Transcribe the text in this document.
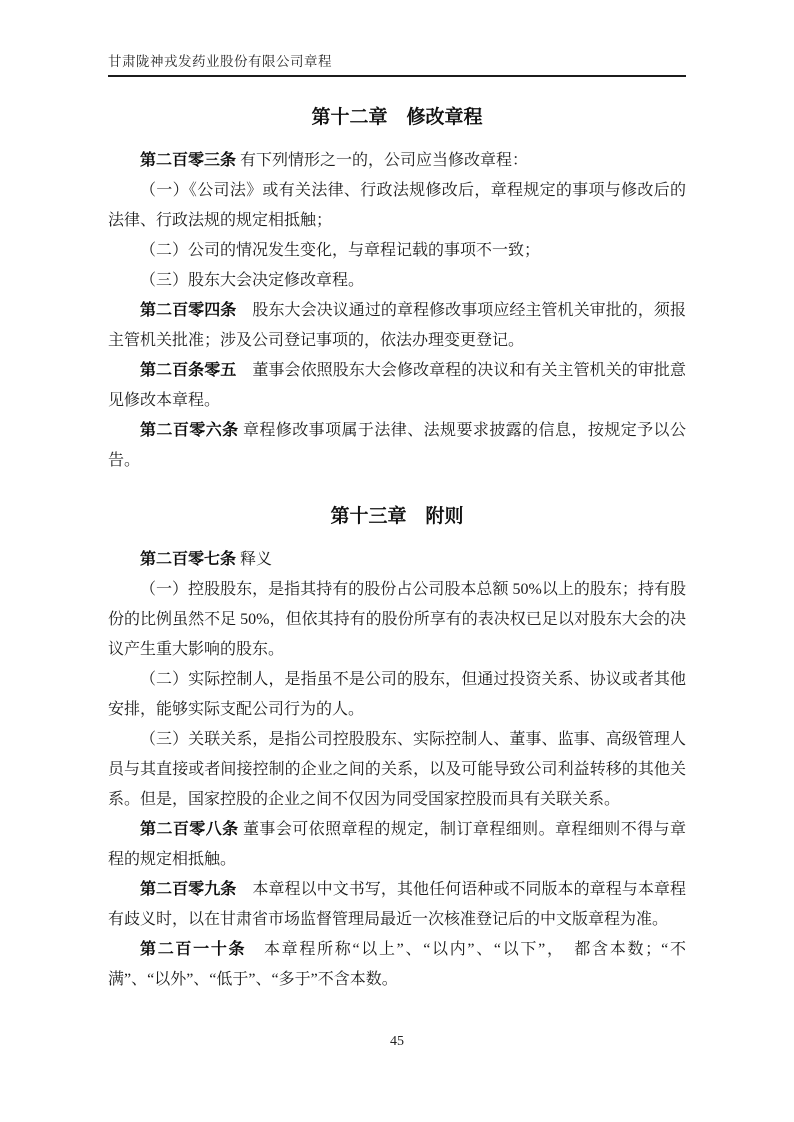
甘肃陇神戎发药业股份有限公司章程
第十二章　修改章程

第二百零三条 有下列情形之一的，公司应当修改章程：

（一）《公司法》或有关法律、行政法规修改后，章程规定的事项与修改后的法律、行政法规的规定相抵触；

（二）公司的情况发生变化，与章程记载的事项不一致；

（三）股东大会决定修改章程。

第二百零四条　股东大会决议通过的章程修改事项应经主管机关审批的，须报主管机关批准；涉及公司登记事项的，依法办理变更登记。

第二百条零五　董事会依照股东大会修改章程的决议和有关主管机关的审批意见修改本章程。

第二百零六条 章程修改事项属于法律、法规要求披露的信息，按规定予以公告。

第十三章　附则

第二百零七条 释义

（一）控股股东，是指其持有的股份占公司股本总额 50%以上的股东；持有股份的比例虽然不足 50%，但依其持有的股份所享有的表决权已足以对股东大会的决议产生重大影响的股东。

（二）实际控制人，是指虽不是公司的股东，但通过投资关系、协议或者其他安排，能够实际支配公司行为的人。

（三）关联关系，是指公司控股股东、实际控制人、董事、监事、高级管理人员与其直接或者间接控制的企业之间的关系，以及可能导致公司利益转移的其他关系。但是，国家控股的企业之间不仅因为同受国家控股而具有关联关系。

第二百零八条 董事会可依照章程的规定，制订章程细则。章程细则不得与章程的规定相抵触。

第二百零九条　本章程以中文书写，其他任何语种或不同版本的章程与本章程有歧义时，以在甘肃省市场监督管理局最近一次核准登记后的中文版章程为准。

第二百一十条　本章程所称“以上”、“以内”、“以下”，　都含本数；“不满”、“以外”、“低于”、“多于”不含本数。

45
